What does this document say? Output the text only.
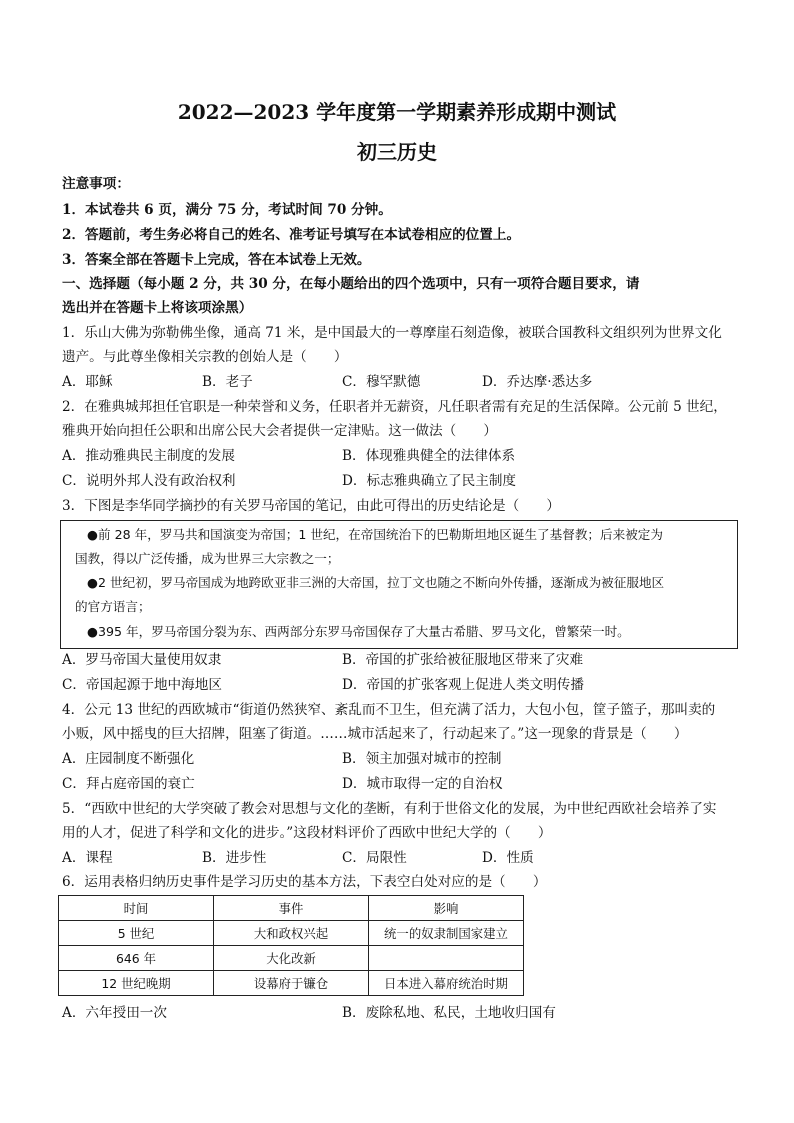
2022—2023 学年度第一学期素养形成期中测试
初三历史
注意事项：
1．本试卷共 6 页，满分 75 分，考试时间 70 分钟。
2．答题前，考生务必将自己的姓名、准考证号填写在本试卷相应的位置上。
3．答案全部在答题卡上完成，答在本试卷上无效。
一、选择题（每小题 2 分，共 30 分，在每小题给出的四个选项中，只有一项符合题目要求，请
选出并在答题卡上将该项涂黑）
1．乐山大佛为弥勒佛坐像，通高 71 米，是中国最大的一尊摩崖石刻造像，被联合国教科文组织列为世界文化
遗产。与此尊坐像相关宗教的创始人是（　　）
A．耶稣	B．老子	C．穆罕默德	D．乔达摩·悉达多
2．在雅典城邦担任官职是一种荣誉和义务，任职者并无薪资，凡任职者需有充足的生活保障。公元前 5 世纪，
雅典开始向担任公职和出席公民大会者提供一定津贴。这一做法（　　）
A．推动雅典民主制度的发展	B．体现雅典健全的法律体系
C．说明外邦人没有政治权利	D．标志雅典确立了民主制度
3．下图是李华同学摘抄的有关罗马帝国的笔记，由此可得出的历史结论是（　　）
●前 28 年，罗马共和国演变为帝国；1 世纪，在帝国统治下的巴勒斯坦地区诞生了基督教；后来被定为
国教，得以广泛传播，成为世界三大宗教之一；
●2 世纪初，罗马帝国成为地跨欧亚非三洲的大帝国，拉丁文也随之不断向外传播，逐渐成为被征服地区
的官方语言；
●395 年，罗马帝国分裂为东、西两部分东罗马帝国保存了大量古希腊、罗马文化，曾繁荣一时。
A．罗马帝国大量使用奴隶	B．帝国的扩张给被征服地区带来了灾难
C．帝国起源于地中海地区	D．帝国的扩张客观上促进人类文明传播
4．公元 13 世纪的西欧城市“街道仍然狭窄、紊乱而不卫生，但充满了活力，大包小包，筐子篮子，那叫卖的
小贩，风中摇曳的巨大招牌，阻塞了街道。……城市活起来了，行动起来了。”这一现象的背景是（　　）
A．庄园制度不断强化	B．领主加强对城市的控制
C．拜占庭帝国的衰亡	D．城市取得一定的自治权
5．“西欧中世纪的大学突破了教会对思想与文化的垄断，有利于世俗文化的发展，为中世纪西欧社会培养了实
用的人才，促进了科学和文化的进步。”这段材料评价了西欧中世纪大学的（　　）
A．课程	B．进步性	C．局限性	D．性质
6．运用表格归纳历史事件是学习历史的基本方法，下表空白处对应的是（　　）
时间	事件	影响
5 世纪	大和政权兴起	统一的奴隶制国家建立
646 年	大化改新	
12 世纪晚期	设幕府于镰仓	日本进入幕府统治时期
A．六年授田一次	B．废除私地、私民，土地收归国有
